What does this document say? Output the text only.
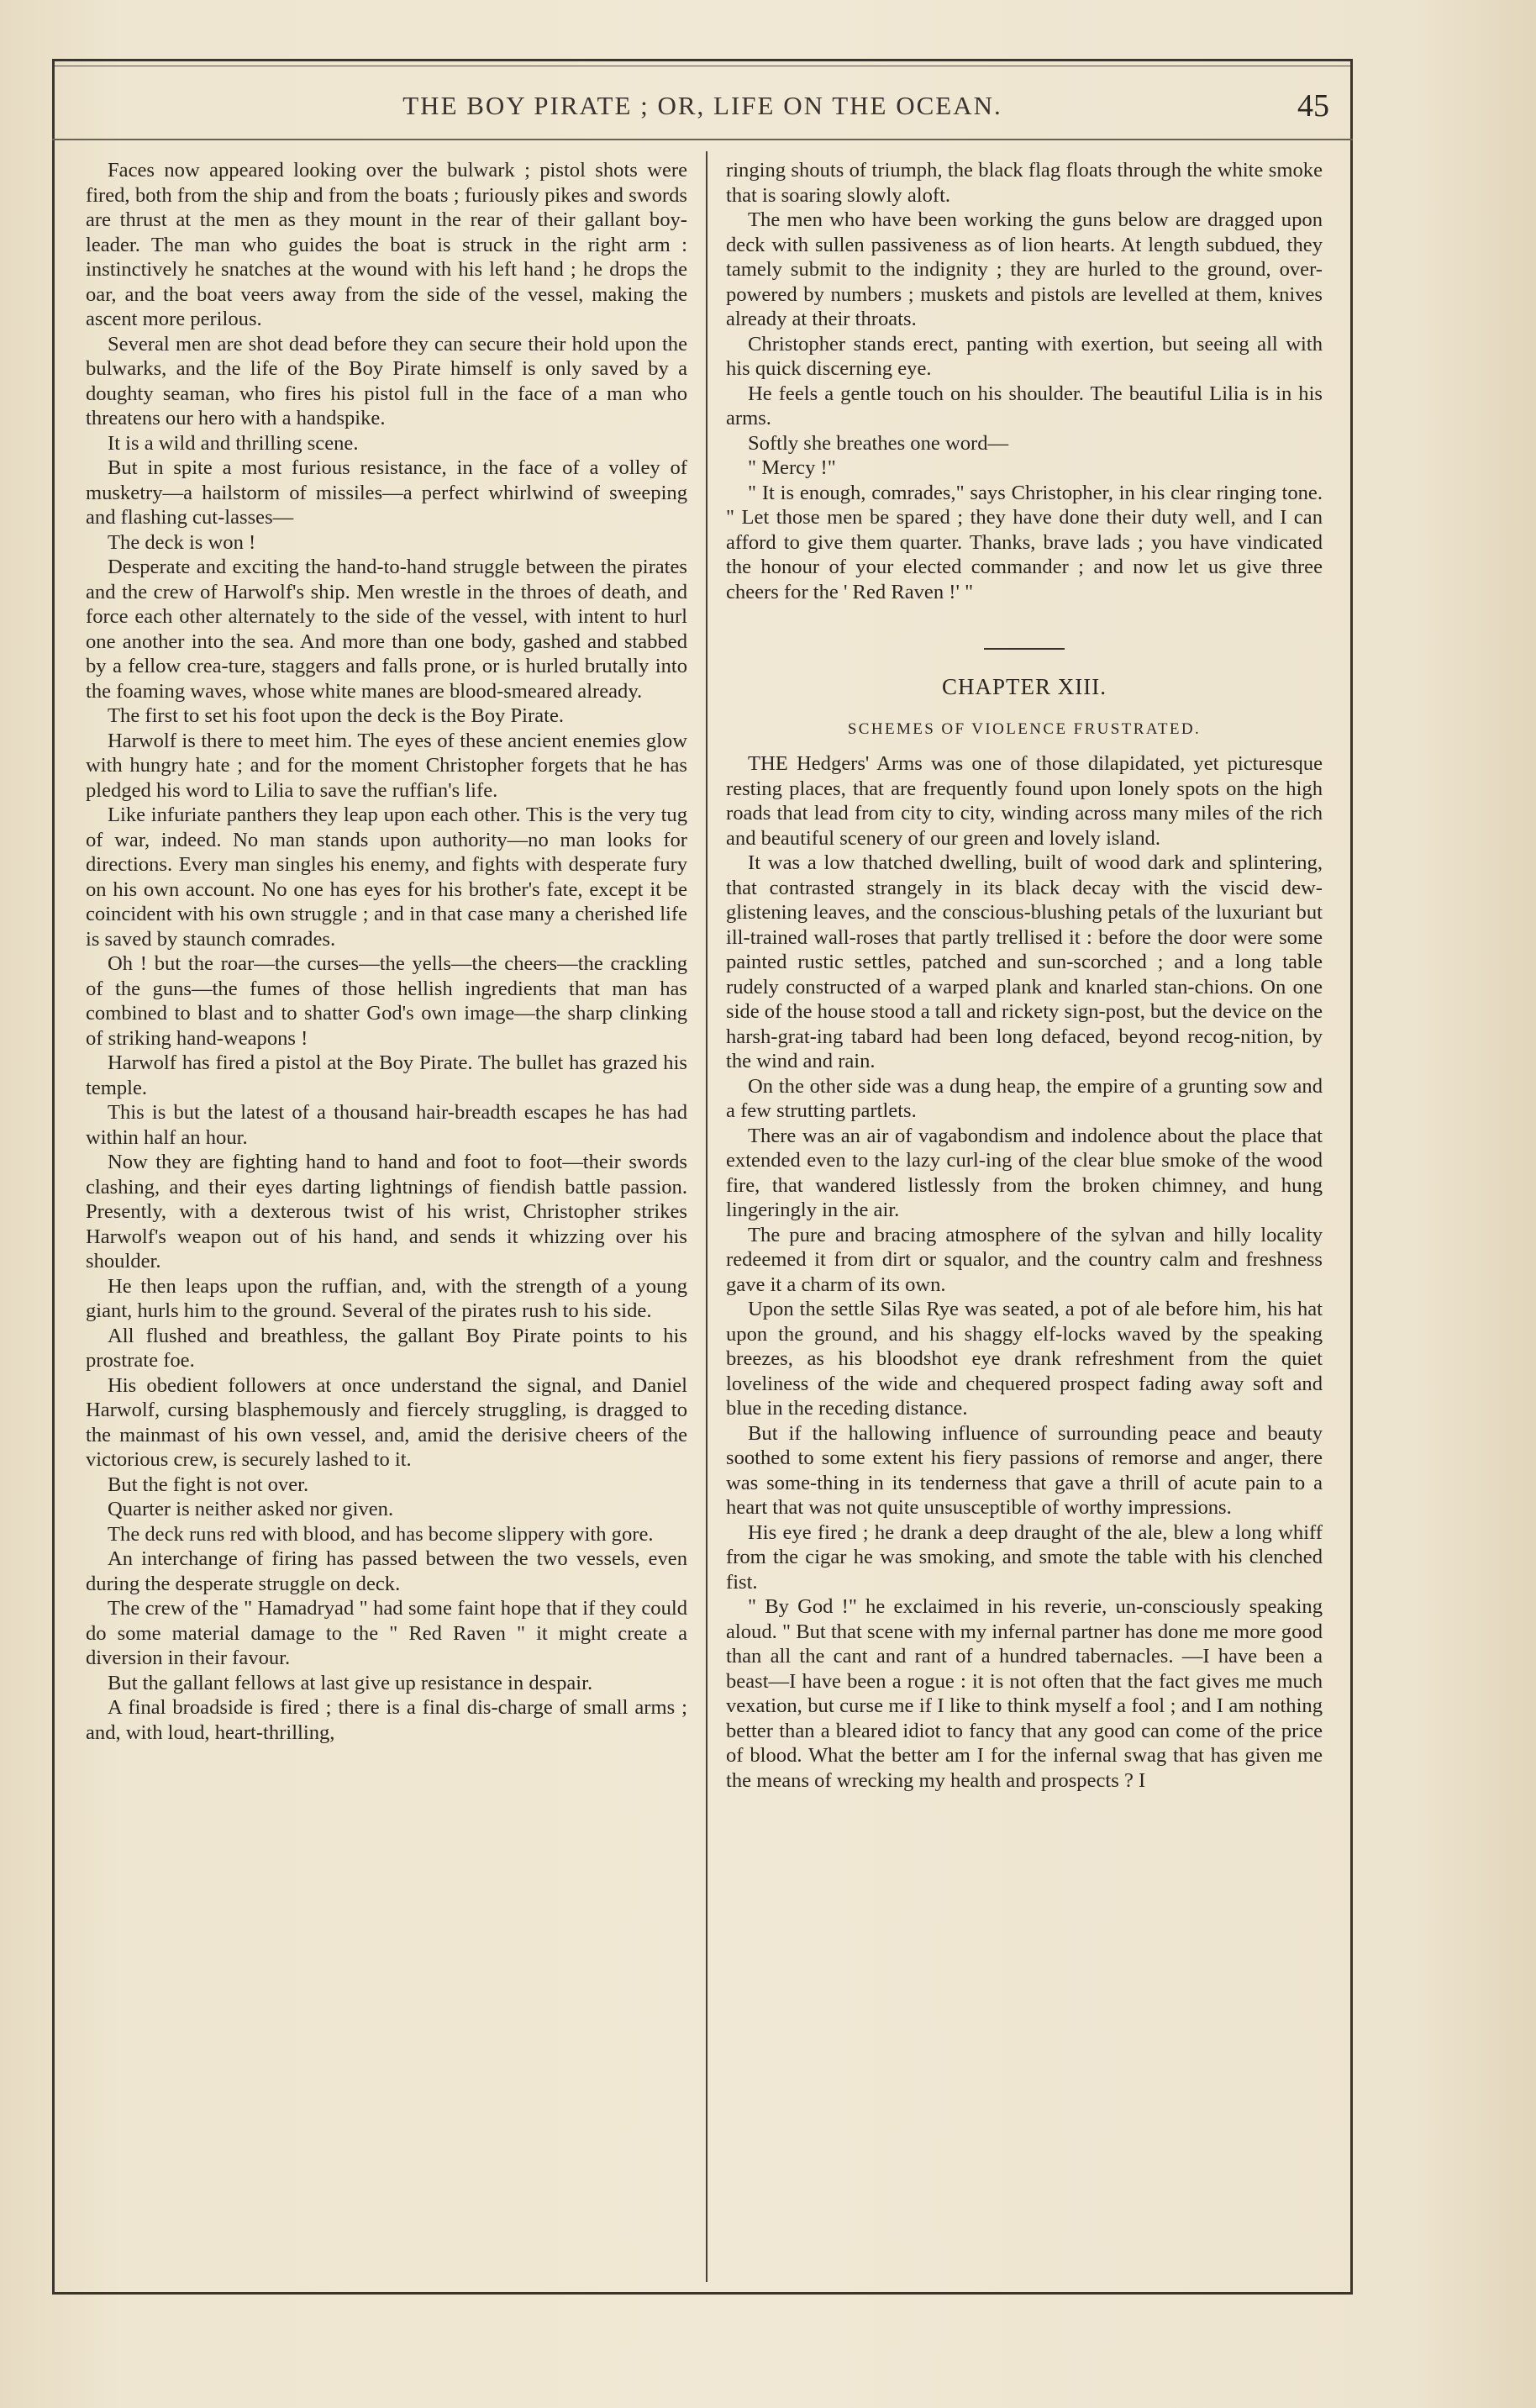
THE BOY PIRATE ; OR, LIFE ON THE OCEAN.	45

Faces now appeared looking over the bulwark ; pistol shots were fired, both from the ship and from the boats ; furiously pikes and swords are thrust at the men as they mount in the rear of their gallant boy-leader. The man who guides the boat is struck in the right arm : instinctively he snatches at the wound with his left hand ; he drops the oar, and the boat veers away from the side of the vessel, making the ascent more perilous.

Several men are shot dead before they can secure their hold upon the bulwarks, and the life of the Boy Pirate himself is only saved by a doughty seaman, who fires his pistol full in the face of a man who threatens our hero with a handspike.

It is a wild and thrilling scene.

But in spite a most furious resistance, in the face of a volley of musketry—a hailstorm of missiles—a perfect whirlwind of sweeping and flashing cut-lasses—

The deck is won !

Desperate and exciting the hand-to-hand struggle between the pirates and the crew of Harwolf's ship. Men wrestle in the throes of death, and force each other alternately to the side of the vessel, with intent to hurl one another into the sea. And more than one body, gashed and stabbed by a fellow crea-ture, staggers and falls prone, or is hurled brutally into the foaming waves, whose white manes are blood-smeared already.

The first to set his foot upon the deck is the Boy Pirate.

Harwolf is there to meet him. The eyes of these ancient enemies glow with hungry hate ; and for the moment Christopher forgets that he has pledged his word to Lilia to save the ruffian's life.

Like infuriate panthers they leap upon each other. This is the very tug of war, indeed. No man stands upon authority—no man looks for directions. Every man singles his enemy, and fights with desperate fury on his own account. No one has eyes for his brother's fate, except it be coincident with his own struggle ; and in that case many a cherished life is saved by staunch comrades.

Oh ! but the roar—the curses—the yells—the cheers—the crackling of the guns—the fumes of those hellish ingredients that man has combined to blast and to shatter God's own image—the sharp clinking of striking hand-weapons !

Harwolf has fired a pistol at the Boy Pirate. The bullet has grazed his temple.

This is but the latest of a thousand hair-breadth escapes he has had within half an hour.

Now they are fighting hand to hand and foot to foot—their swords clashing, and their eyes darting lightnings of fiendish battle passion. Presently, with a dexterous twist of his wrist, Christopher strikes Harwolf's weapon out of his hand, and sends it whizzing over his shoulder.

He then leaps upon the ruffian, and, with the strength of a young giant, hurls him to the ground. Several of the pirates rush to his side.

All flushed and breathless, the gallant Boy Pirate points to his prostrate foe.

His obedient followers at once understand the signal, and Daniel Harwolf, cursing blasphemously and fiercely struggling, is dragged to the mainmast of his own vessel, and, amid the derisive cheers of the victorious crew, is securely lashed to it.

But the fight is not over.

Quarter is neither asked nor given.

The deck runs red with blood, and has become slippery with gore.

An interchange of firing has passed between the two vessels, even during the desperate struggle on deck.

The crew of the " Hamadryad " had some faint hope that if they could do some material damage to the " Red Raven " it might create a diversion in their favour.

But the gallant fellows at last give up resistance in despair.

A final broadside is fired ; there is a final dis-charge of small arms ; and, with loud, heart-thrilling,

ringing shouts of triumph, the black flag floats through the white smoke that is soaring slowly aloft.

The men who have been working the guns below are dragged upon deck with sullen passiveness as of lion hearts. At length subdued, they tamely submit to the indignity ; they are hurled to the ground, over-powered by numbers ; muskets and pistols are levelled at them, knives already at their throats.

Christopher stands erect, panting with exertion, but seeing all with his quick discerning eye.

He feels a gentle touch on his shoulder. The beautiful Lilia is in his arms.

Softly she breathes one word—

" Mercy !"

" It is enough, comrades," says Christopher, in his clear ringing tone. " Let those men be spared ; they have done their duty well, and I can afford to give them quarter. Thanks, brave lads ; you have vindicated the honour of your elected commander ; and now let us give three cheers for the ' Red Raven !' "

CHAPTER XIII.

SCHEMES OF VIOLENCE FRUSTRATED.

THE Hedgers' Arms was one of those dilapidated, yet picturesque resting places, that are frequently found upon lonely spots on the high roads that lead from city to city, winding across many miles of the rich and beautiful scenery of our green and lovely island.

It was a low thatched dwelling, built of wood dark and splintering, that contrasted strangely in its black decay with the viscid dew-glistening leaves, and the conscious-blushing petals of the luxuriant but ill-trained wall-roses that partly trellised it : before the door were some painted rustic settles, patched and sun-scorched ; and a long table rudely constructed of a warped plank and knarled stan-chions. On one side of the house stood a tall and rickety sign-post, but the device on the harsh-grat-ing tabard had been long defaced, beyond recog-nition, by the wind and rain.

On the other side was a dung heap, the empire of a grunting sow and a few strutting partlets.

There was an air of vagabondism and indolence about the place that extended even to the lazy curl-ing of the clear blue smoke of the wood fire, that wandered listlessly from the broken chimney, and hung lingeringly in the air.

The pure and bracing atmosphere of the sylvan and hilly locality redeemed it from dirt or squalor, and the country calm and freshness gave it a charm of its own.

Upon the settle Silas Rye was seated, a pot of ale before him, his hat upon the ground, and his shaggy elf-locks waved by the speaking breezes, as his bloodshot eye drank refreshment from the quiet loveliness of the wide and chequered prospect fading away soft and blue in the receding distance.

But if the hallowing influence of surrounding peace and beauty soothed to some extent his fiery passions of remorse and anger, there was some-thing in its tenderness that gave a thrill of acute pain to a heart that was not quite unsusceptible of worthy impressions.

His eye fired ; he drank a deep draught of the ale, blew a long whiff from the cigar he was smoking, and smote the table with his clenched fist.

" By God !" he exclaimed in his reverie, un-consciously speaking aloud. " But that scene with my infernal partner has done me more good than all the cant and rant of a hundred tabernacles. —I have been a beast—I have been a rogue : it is not often that the fact gives me much vexation, but curse me if I like to think myself a fool ; and I am nothing better than a bleared idiot to fancy that any good can come of the price of blood. What the better am I for the infernal swag that has given me the means of wrecking my health and prospects ? I
